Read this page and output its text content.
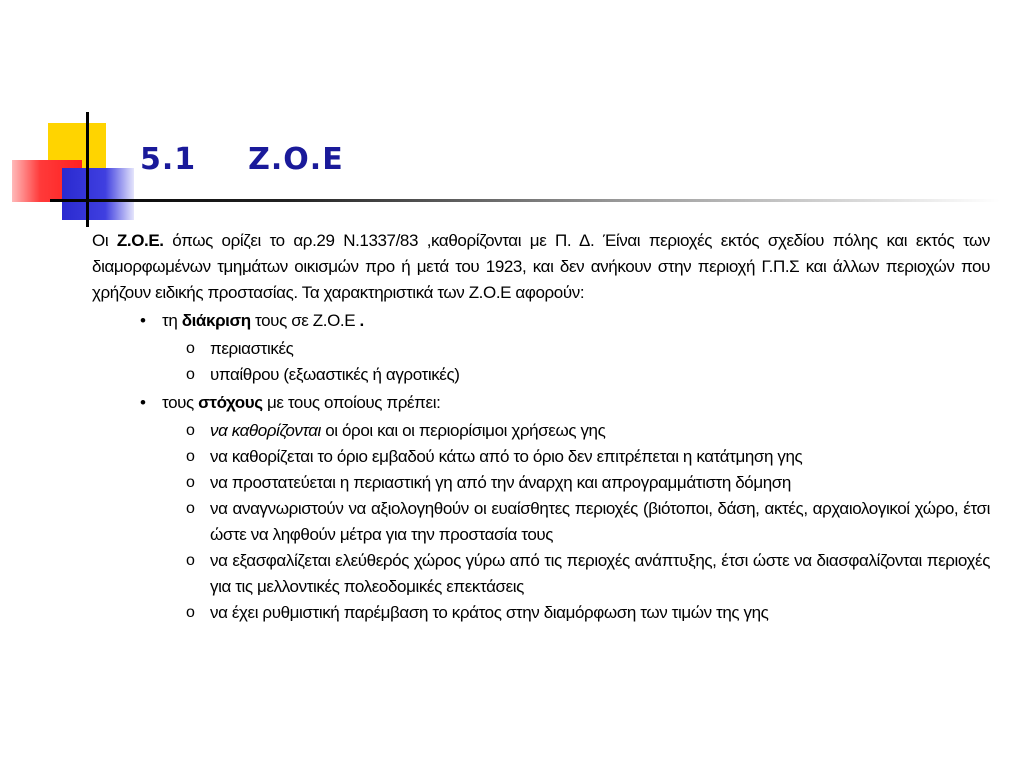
5.1 Ζ.Ο.Ε

Οι Ζ.Ο.Ε. όπως ορίζει το αρ.29 Ν.1337/83 ,καθορίζονται με Π. Δ. Έίναι περιοχές εκτός σχεδίου πόλης και εκτός των διαμορφωμένων τμημάτων οικισμών προ ή μετά του 1923, και δεν ανήκουν στην περιοχή Γ.Π.Σ και άλλων περιοχών που χρήζουν ειδικής προστασίας. Τα χαρακτηριστικά των Ζ.Ο.Ε αφορούν:

• τη διάκριση τους σε Ζ.Ο.Ε .
o περιαστικές
o υπαίθρου (εξωαστικές ή αγροτικές)
• τους στόχους με τους οποίους πρέπει:
o να καθορίζονται οι όροι και οι περιορίσιμοι χρήσεως γης
o να καθορίζεται το όριο εμβαδού κάτω από το όριο δεν επιτρέπεται η κατάτμηση γης
o να προστατεύεται η περιαστική γη από την άναρχη και απρογραμμάτιστη δόμηση
o να αναγνωριστούν να αξιολογηθούν οι ευαίσθητες περιοχές (βιότοποι, δάση, ακτές, αρχαιολογικοί χώρο, έτσι ώστε να ληφθούν μέτρα για την προστασία τους
o να εξασφαλίζεται ελεύθερός χώρος γύρω από τις περιοχές ανάπτυξης, έτσι ώστε να διασφαλίζονται περιοχές για τις μελλοντικές πολεοδομικές επεκτάσεις
o να έχει ρυθμιστική παρέμβαση το κράτος στην διαμόρφωση των τιμών της γης
